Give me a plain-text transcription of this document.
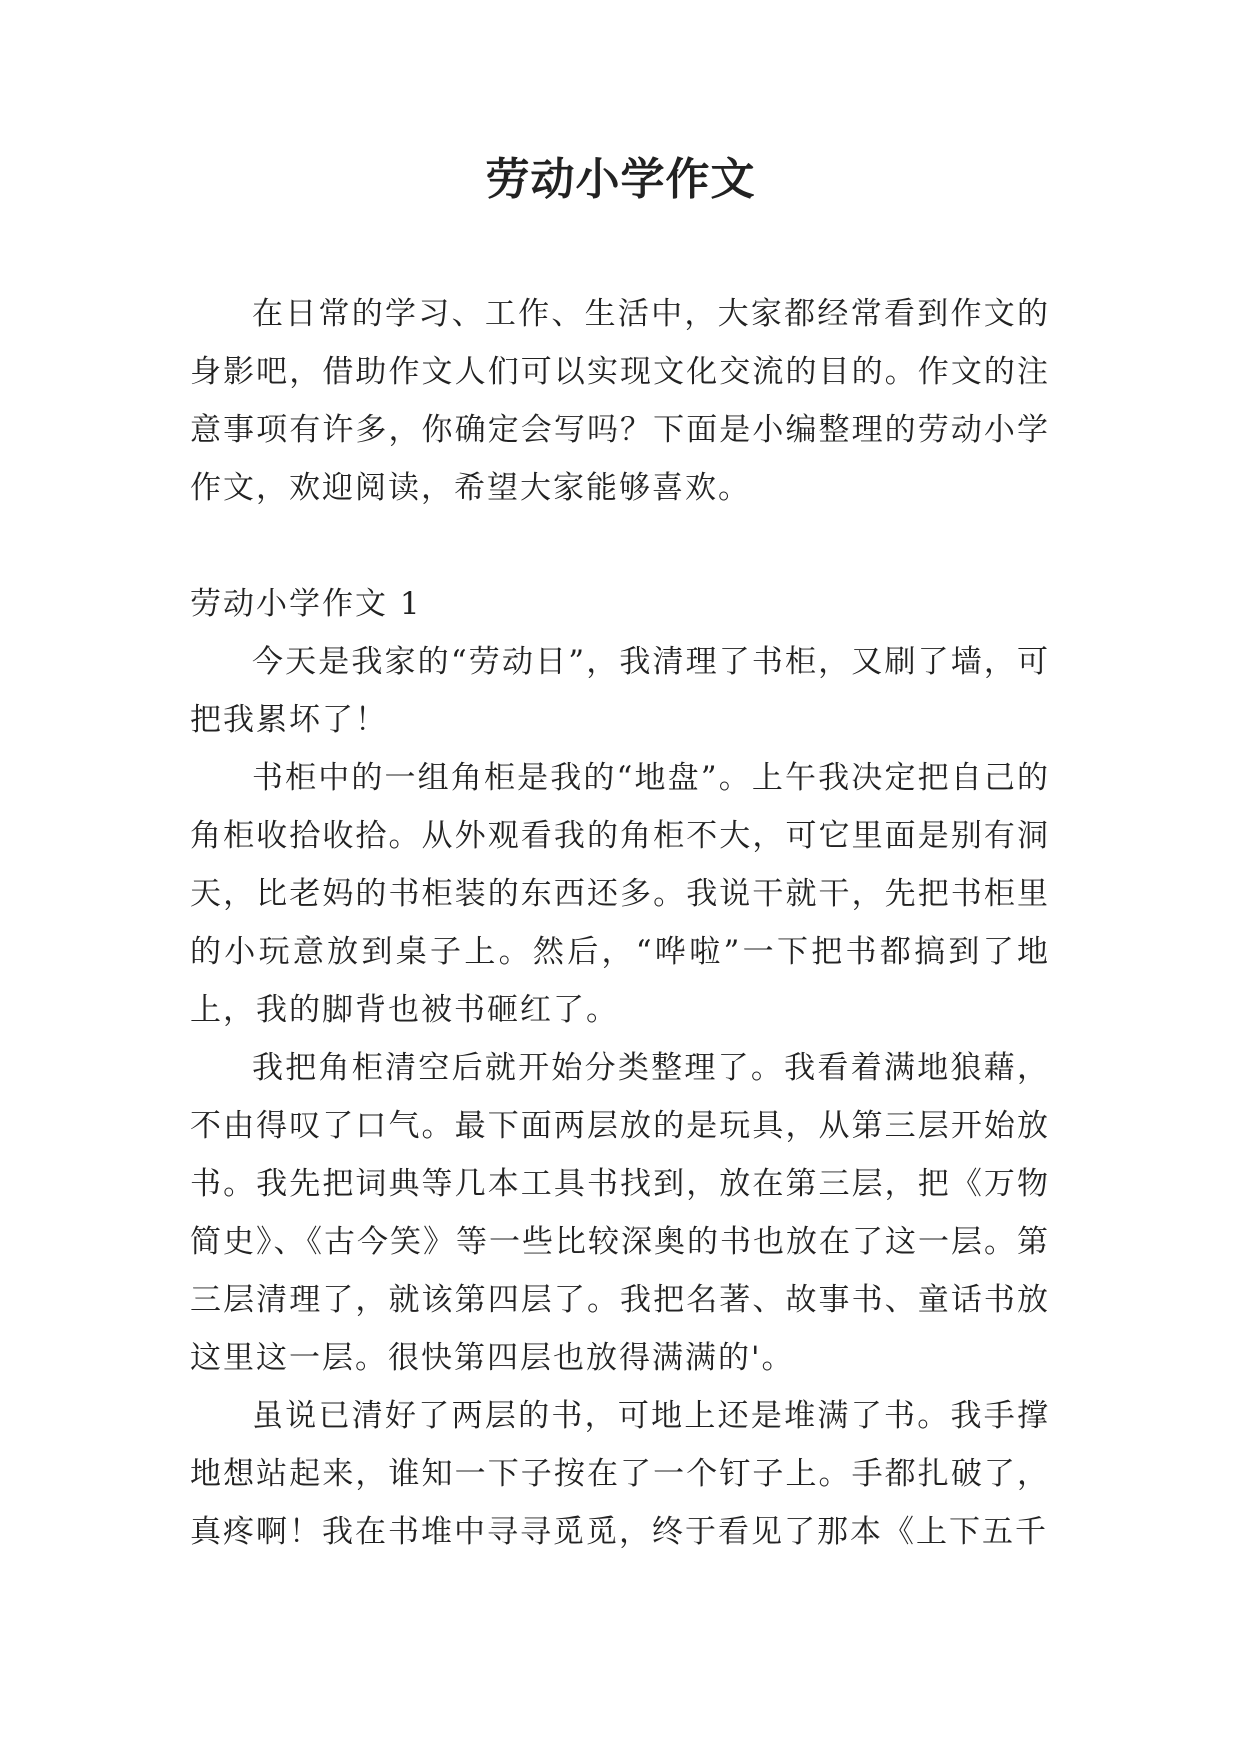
劳动小学作文

在日常的学习、工作、生活中，大家都经常看到作文的身影吧，借助作文人们可以实现文化交流的目的。作文的注意事项有许多，你确定会写吗？下面是小编整理的劳动小学作文，欢迎阅读，希望大家能够喜欢。

劳动小学作文 1

今天是我家的“劳动日”，我清理了书柜，又刷了墙，可把我累坏了！

书柜中的一组角柜是我的“地盘”。上午我决定把自己的角柜收拾收拾。从外观看我的角柜不大，可它里面是别有洞天，比老妈的书柜装的东西还多。我说干就干，先把书柜里的小玩意放到桌子上。然后，“哗啦”一下把书都搞到了地上，我的脚背也被书砸红了。

我把角柜清空后就开始分类整理了。我看着满地狼藉，不由得叹了口气。最下面两层放的是玩具，从第三层开始放书。我先把词典等几本工具书找到，放在第三层，把《万物简史》、《古今笑》等一些比较深奥的书也放在了这一层。第三层清理了，就该第四层了。我把名著、故事书、童话书放这里这一层。很快第四层也放得满满的'。

虽说已清好了两层的书，可地上还是堆满了书。我手撑地想站起来，谁知一下子按在了一个钉子上。手都扎破了，真疼啊！我在书堆中寻寻觅觅，终于看见了那本《上下五千
